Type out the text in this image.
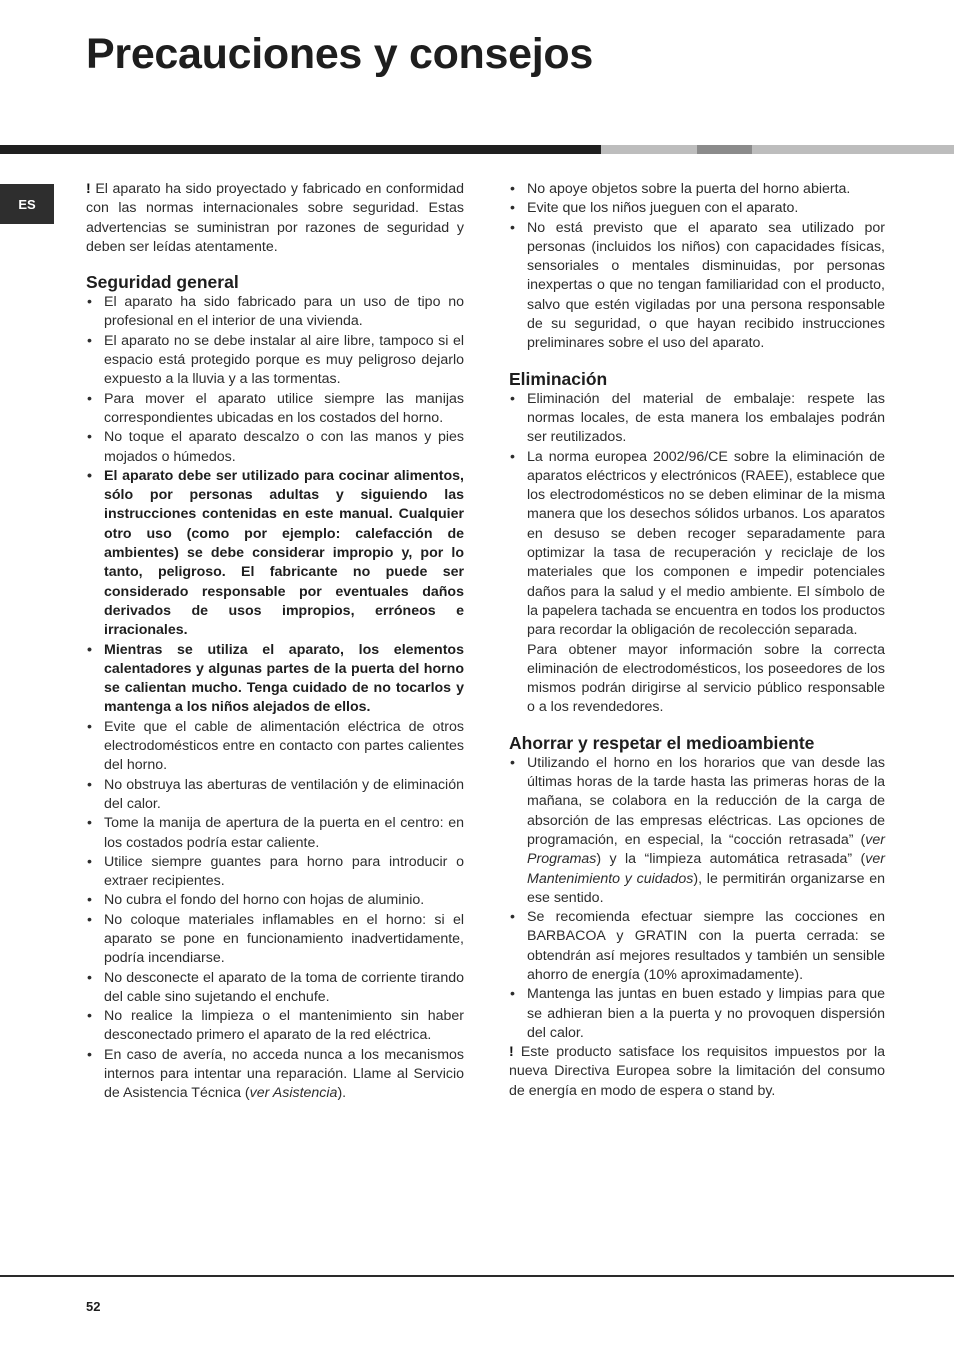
Precauciones y consejos
ES

! El aparato ha sido proyectado y fabricado en conformidad con las normas internacionales sobre seguridad. Estas advertencias se suministran por razones de seguridad y deben ser leídas atentamente.

Seguridad general
• El aparato ha sido fabricado para un uso de tipo no profesional en el interior de una vivienda.
• El aparato no se debe instalar al aire libre, tampoco si el espacio está protegido porque es muy peligroso dejarlo expuesto a la lluvia y a las tormentas.
• Para mover el aparato utilice siempre las manijas correspondientes ubicadas en los costados del horno.
• No toque el aparato descalzo o con las manos y pies mojados o húmedos.
• El aparato debe ser utilizado para cocinar alimentos, sólo por personas adultas y siguiendo las instrucciones contenidas en este manual. Cualquier otro uso (como por ejemplo: calefacción de ambientes) se debe considerar impropio y, por lo tanto, peligroso. El fabricante no puede ser considerado responsable por eventuales daños derivados de usos impropios, erróneos e irracionales.
• Mientras se utiliza el aparato, los elementos calentadores y algunas partes de la puerta del horno se calientan mucho. Tenga cuidado de no tocarlos y mantenga a los niños alejados de ellos.
• Evite que el cable de alimentación eléctrica de otros electrodomésticos entre en contacto con partes calientes del horno.
• No obstruya las aberturas de ventilación y de eliminación del calor.
• Tome la manija de apertura de la puerta en el centro: en los costados podría estar caliente.
• Utilice siempre guantes para horno para introducir o extraer recipientes.
• No cubra el fondo del horno con hojas de aluminio.
• No coloque materiales inflamables en el horno: si el aparato se pone en funcionamiento inadvertidamente, podría incendiarse.
• No desconecte el aparato de la toma de corriente tirando del cable sino sujetando el enchufe.
• No realice la limpieza o el mantenimiento sin haber desconectado primero el aparato de la red eléctrica.
• En caso de avería, no acceda nunca a los mecanismos internos para intentar una reparación. Llame al Servicio de Asistencia Técnica (ver Asistencia).
• No apoye objetos sobre la puerta del horno abierta.
• Evite que los niños jueguen con el aparato.
• No está previsto que el aparato sea utilizado por personas (incluidos los niños) con capacidades físicas, sensoriales o mentales disminuidas, por personas inexpertas o que no tengan familiaridad con el producto, salvo que estén vigiladas por una persona responsable de su seguridad, o que hayan recibido instrucciones preliminares sobre el uso del aparato.
Eliminación
• Eliminación del material de embalaje: respete las normas locales, de esta manera los embalajes podrán ser reutilizados.
• La norma europea 2002/96/CE sobre la eliminación de aparatos eléctricos y electrónicos (RAEE), establece que los electrodomésticos no se deben eliminar de la misma manera que los desechos sólidos urbanos. Los aparatos en desuso se deben recoger separadamente para optimizar la tasa de recuperación y reciclaje de los materiales que los componen e impedir potenciales daños para la salud y el medio ambiente. El símbolo de la papelera tachada se encuentra en todos los productos para recordar la obligación de recolección separada.

Para obtener mayor información sobre la correcta eliminación de electrodomésticos, los poseedores de los mismos podrán dirigirse al servicio público responsable o a los revendedores.

Ahorrar y respetar el medioambiente
• Utilizando el horno en los horarios que van desde las últimas horas de la tarde hasta las primeras horas de la mañana, se colabora en la reducción de la carga de absorción de las empresas eléctricas. Las opciones de programación, en especial, la “cocción retrasada” (ver Programas) y la “limpieza automática retrasada” (ver Mantenimiento y cuidados), le permitirán organizarse en ese sentido.
• Se recomienda efectuar siempre las cocciones en BARBACOA y GRATIN con la puerta cerrada: se obtendrán así mejores resultados y también un sensible ahorro de energía (10% aproximadamente).
• Mantenga las juntas en buen estado y limpias para que se adhieran bien a la puerta y no provoquen dispersión del calor.

! Este producto satisface los requisitos impuestos por la nueva Directiva Europea sobre la limitación del consumo de energía en modo de espera o stand by.

52
